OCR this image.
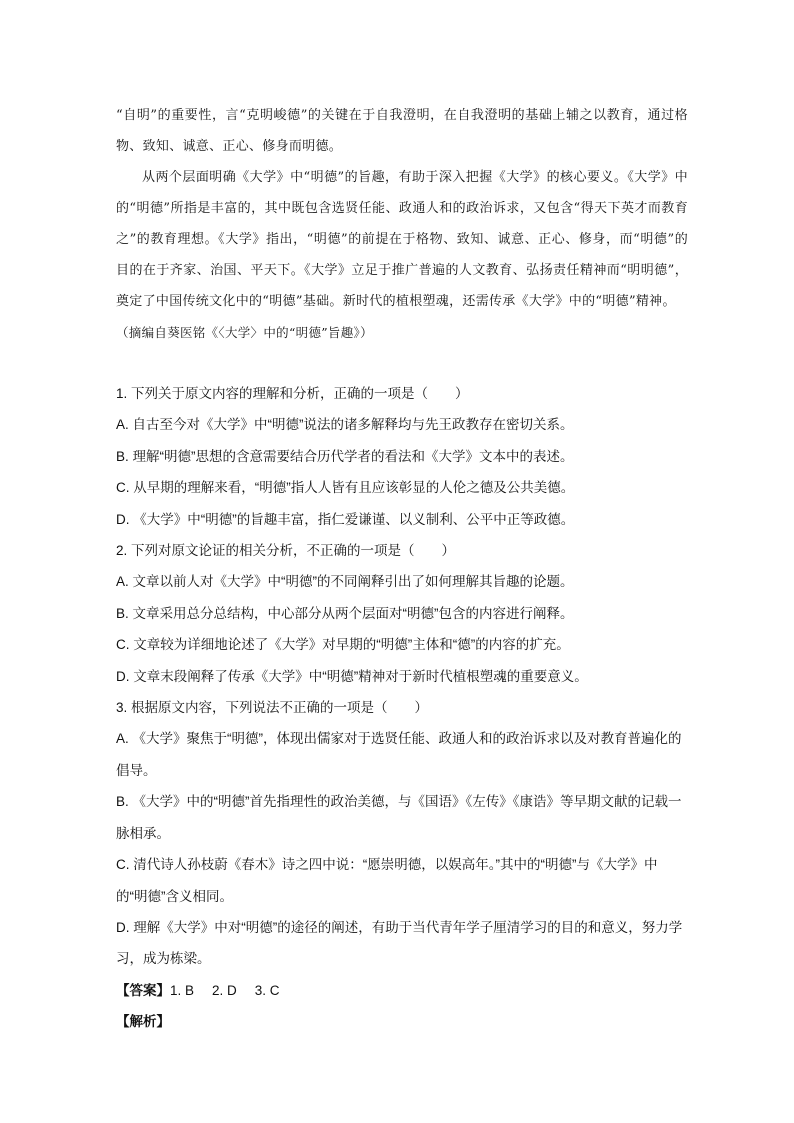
“自明”的重要性，言“克明峻德”的关键在于自我澄明，在自我澄明的基础上辅之以教育，通过格物、致知、诚意、正心、修身而明德。

从两个层面明确《大学》中“明德”的旨趣，有助于深入把握《大学》的核心要义。《大学》中的“明德”所指是丰富的，其中既包含选贤任能、政通人和的政治诉求，又包含“得天下英才而教育之”的教育理想。《大学》指出，“明德”的前提在于格物、致知、诚意、正心、修身，而“明德”的目的在于齐家、治国、平天下。《大学》立足于推广普遍的人文教育、弘扬责任精神而“明明德”，奠定了中国传统文化中的“明德”基础。新时代的植根塑魂，还需传承《大学》中的“明德”精神。

（摘编自葵医铭《〈大学〉中的“明德”旨趣》）

1. 下列关于原文内容的理解和分析，正确的一项是（　　）

A. 自古至今对《大学》中“明德”说法的诸多解释均与先王政教存在密切关系。

B. 理解“明德”思想的含意需要结合历代学者的看法和《大学》文本中的表述。

C. 从早期的理解来看，“明德”指人人皆有且应该彰显的人伦之德及公共美德。

D. 《大学》中“明德”的旨趣丰富，指仁爱谦谨、以义制利、公平中正等政德。

2. 下列对原文论证的相关分析，不正确的一项是（　　）

A. 文章以前人对《大学》中“明德”的不同阐释引出了如何理解其旨趣的论题。

B. 文章采用总分总结构，中心部分从两个层面对“明德”包含的内容进行阐释。

C. 文章较为详细地论述了《大学》对早期的“明德”主体和“德”的内容的扩充。

D. 文章末段阐释了传承《大学》中“明德”精神对于新时代植根塑魂的重要意义。

3. 根据原文内容，下列说法不正确的一项是（　　）

A. 《大学》聚焦于“明德”，体现出儒家对于选贤任能、政通人和的政治诉求以及对教育普遍化的倡导。

B. 《大学》中的“明德”首先指理性的政治美德，与《国语》《左传》《康诰》等早期文献的记载一脉相承。

C. 清代诗人孙枝蔚《春木》诗之四中说：“愿崇明德，以娱高年。”其中的“明德”与《大学》中的“明德”含义相同。

D. 理解《大学》中对“明德”的途径的阐述，有助于当代青年学子厘清学习的目的和意义，努力学习，成为栋梁。

【答案】1. B 2. D 3. C

【解析】
